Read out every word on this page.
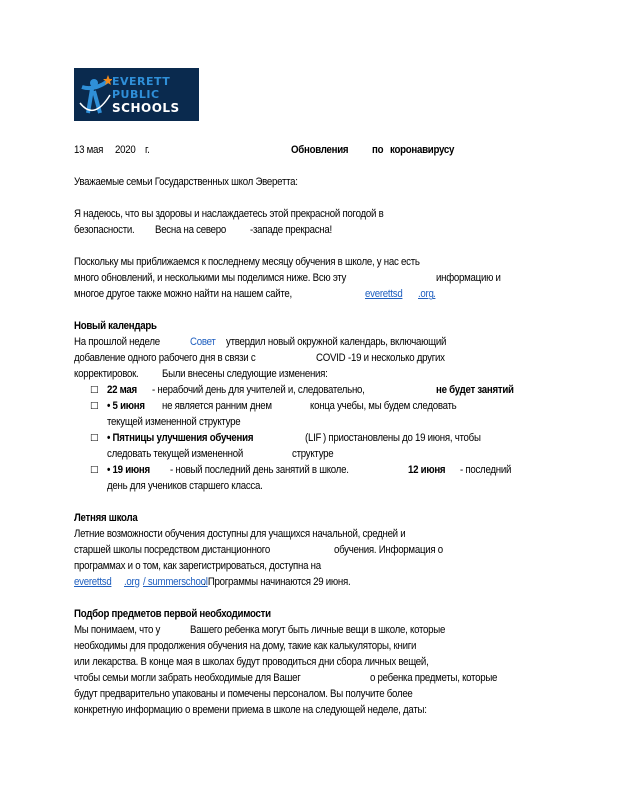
EVERETT
PUBLIC
SCHOOLS
13 мая 2020 г.	Обновления по коронавирусу
Уважаемые семьи Государственных школ Эверетта:
Я надеюсь, что вы здоровы и наслаждаетесь этой прекрасной погодой в
безопасности. Весна на северо -западе прекрасна!
Поскольку мы приближаемся к последнему месяцу обучения в школе, у нас есть
много обновлений, и несколькими мы поделимся ниже. Всю эту	информацию и
многое другое также можно найти на нашем сайте,	everettsd .org .
Новый календарь
На прошлой неделе	Совет утвердил новый окружной календарь, включающий
добавление одного рабочего дня в связи с	COVID -19 и несколько других
корректировок. Были внесены следующие изменения:
□ 22 мая - нерабочий день для учителей и, следовательно,	не будет занятий
□ • 5 июня не является ранним днем	конца учебы, мы будем следовать
текущей измененной структуре
□ • Пятницы улучшения обучения	(LIF ) приостановлены до 19 июня, чтобы
следовать текущей измененной	структуре
□ • 19 июня - новый последний день занятий в школе.	12 июня - последний
день для учеников старшего класса.
Летняя школа
Летние возможности обучения доступны для учащихся начальной, средней и
старшей школы посредством дистанционного	обучения. Информация о
программах и о том, как зарегистрироваться, доступна на
everettsd .org / summerschool
. Программы начинаются 29 июня.
Подбор предметов первой необходимости
Мы понимаем, что у	Вашего ребенка могут быть личные вещи в школе, которые
необходимы для продолжения обучения на дому, такие как калькуляторы, книги
или лекарства. В конце мая в школах будут проводиться дни сбора личных вещей,
чтобы семьи могли забрать необходимые для Вашег	о ребенка предметы, которые
будут предварительно упакованы и помечены персоналом. Вы получите более
конкретную информацию о времени приема в школе на следующей неделе, даты:
